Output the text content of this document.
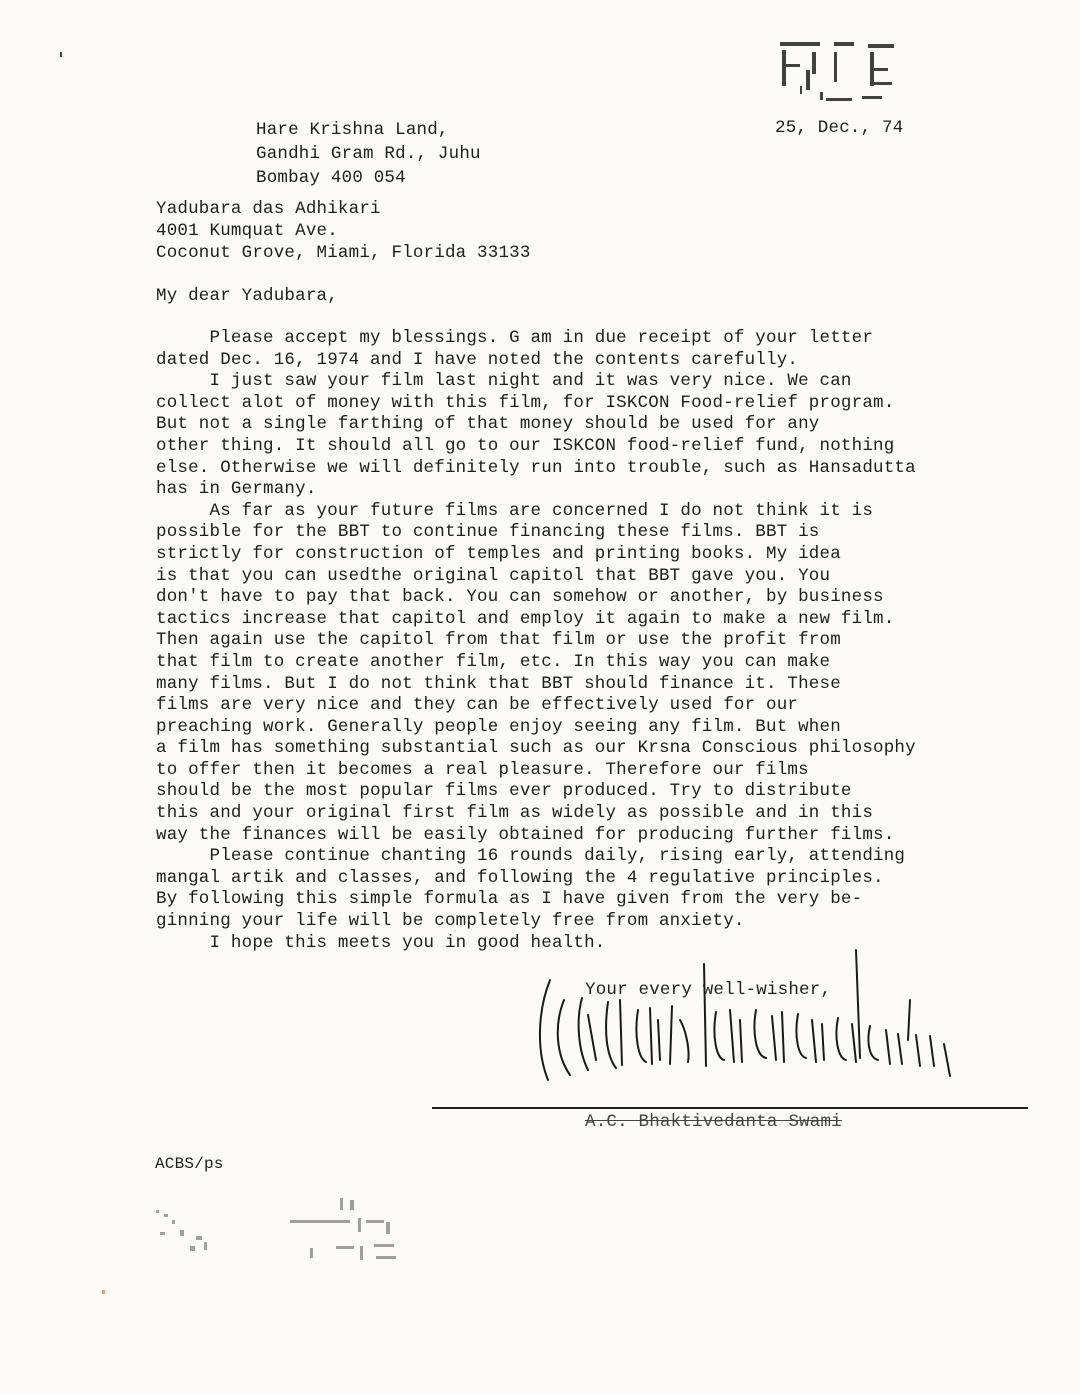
25, Dec., 74
Hare Krishna Land,
Gandhi Gram Rd., Juhu
Bombay 400 054
Yadubara das Adhikari
4001 Kumquat Ave.
Coconut Grove, Miami, Florida 33133
My dear Yadubara,

Please accept my blessings. G am in due receipt of your letter

dated Dec. 16, 1974 and I have noted the contents carefully.

I just saw your film last night and it was very nice. We can

collect alot of money with this film, for ISKCON Food-relief program.

But not a single farthing of that money should be used for any

other thing. It should all go to our ISKCON food-relief fund, nothing

else. Otherwise we will definitely run into trouble, such as Hansadutta

has in Germany.

As far as your future films are concerned I do not think it is

possible for the BBT to continue financing these films. BBT is

strictly for construction of temples and printing books. My idea

is that you can usedthe original capitol that BBT gave you. You

don't have to pay that back. You can somehow or another, by business

tactics increase that capitol and employ it again to make a new film.

Then again use the capitol from that film or use the profit from

that film to create another film, etc. In this way you can make

many films. But I do not think that BBT should finance it. These

films are very nice and they can be effectively used for our

preaching work. Generally people enjoy seeing any film. But when

a film has something substantial such as our Krsna Conscious philosophy

to offer then it becomes a real pleasure. Therefore our films

should be the most popular films ever produced. Try to distribute

this and your original first film as widely as possible and in this

way the finances will be easily obtained for producing further films.

Please continue chanting 16 rounds daily, rising early, attending

mangal artik and classes, and following the 4 regulative principles.

By following this simple formula as I have given from the very be-

ginning your life will be completely free from anxiety.

I hope this meets you in good health.

Your every well-wisher,
A.C. Bhaktivedanta Swami
ACBS/ps
